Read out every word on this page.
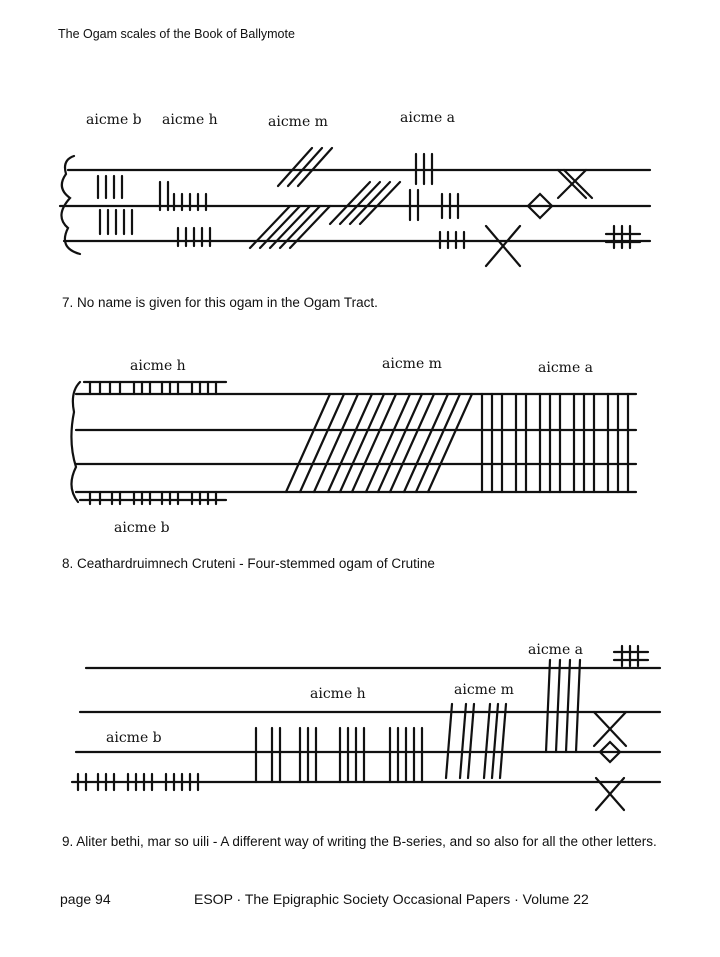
The Ogam scales of the Book of Ballymote
aicme b aicme h	aicme m	aicme a
7. No name is given for this ogam in the Ogam Tract.
aicme h	aicme m	aicme a
aicme b
8. Ceathardruimnech Cruteni - Four-stemmed ogam of Crutine
aicme a
aicme h	aicme m
aicme b
9. Aliter bethi, mar so uili - A different way of writing the B-series, and so also for all the other letters.
page 94	ESOP · The Epigraphic Society Occasional Papers · Volume 22
